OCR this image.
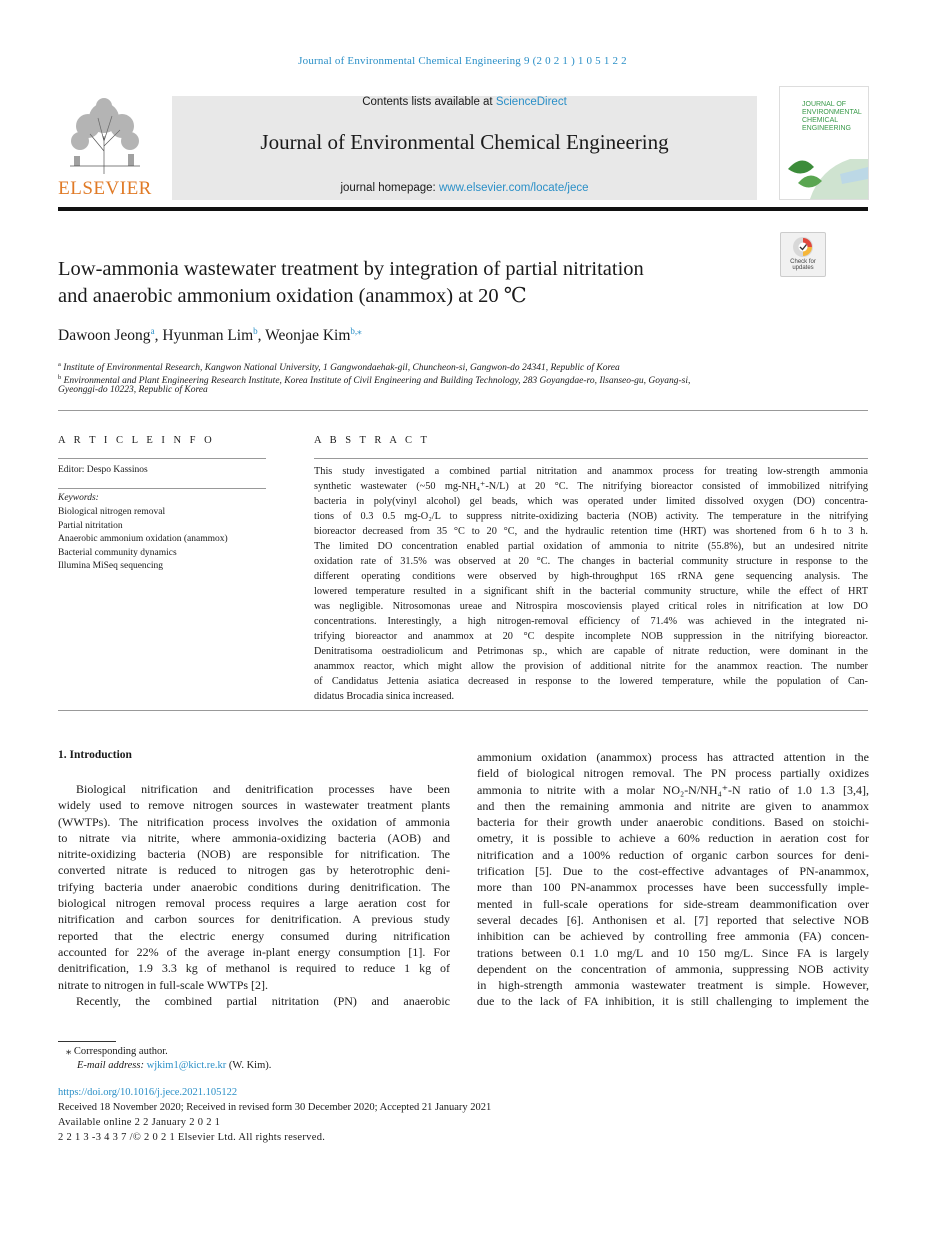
Journal of Environmental Chemical Engineering 9 (2 0 2 1 ) 1 0 5 1 2 2
ELSEVIER
Contents lists available at ScienceDirect
Journal of Environmental Chemical Engineering
journal homepage: www.elsevier.com/locate/jece
JOURNAL OF
ENVIRONMENTAL
CHEMICAL
ENGINEERING
Check for
updates
Low-ammonia wastewater treatment by integration of partial nitritation
and anaerobic ammonium oxidation (anammox) at 20 ℃
Dawoon Jeong$^a$, Hyunman Lim$^b$, Weonjae Kim$^{b,⁎}$
$^a$ Institute of Environmental Research, Kangwon National University, 1 Gangwondaehak-gil, Chuncheon-si, Gangwon-do 24341, Republic of Korea
$^b$ Environmental and Plant Engineering Research Institute, Korea Institute of Civil Engineering and Building Technology, 283 Goyangdae-ro, Ilsanseo-gu, Goyang-si,
Gyeonggi-do 10223, Republic of Korea
A R T I C L E I N F O
Editor: Despo Kassinos
Keywords:
Biological nitrogen removal
Partial nitritation
Anaerobic ammonium oxidation (anammox)
Bacterial community dynamics
Illumina MiSeq sequencing
A B S T R A C T
This study investigated a combined partial nitritation and anammox process for treating low-strength ammonia
synthetic wastewater (~50 mg-NH₄⁺-N/L) at 20 °C. The nitrifying bioreactor consisted of immobilized nitrifying
bacteria in poly(vinyl alcohol) gel beads, which was operated under limited dissolved oxygen (DO) concentra-
tions of 0.3 0.5 mg-O₂/L to suppress nitrite-oxidizing bacteria (NOB) activity. The temperature in the nitrifying
bioreactor decreased from 35 °C to 20 °C, and the hydraulic retention time (HRT) was shortened from 6 h to 3 h.
The limited DO concentration enabled partial oxidation of ammonia to nitrite (55.8%), but an undesired nitrite
oxidation rate of 31.5% was observed at 20 °C. The changes in bacterial community structure in response to the
different operating conditions were observed by high-throughput 16S rRNA gene sequencing analysis. The
lowered temperature resulted in a significant shift in the bacterial community structure, while the effect of HRT
was negligible. Nitrosomonas ureae and Nitrospira moscoviensis played critical roles in nitrification at low DO
concentrations. Interestingly, a high nitrogen-removal efficiency of 71.4% was achieved in the integrated ni-
trifying bioreactor and anammox at 20 °C despite incomplete NOB suppression in the nitrifying bioreactor.
Denitratisoma oestradiolicum and Petrimonas sp., which are capable of nitrate reduction, were dominant in the
anammox reactor, which might allow the provision of additional nitrite for the anammox reaction. The number
of Candidatus Jettenia asiatica decreased in response to the lowered temperature, while the population of Can-
didatus Brocadia sinica increased.
1. Introduction
Biological nitrification and denitrification processes have been
widely used to remove nitrogen sources in wastewater treatment plants
(WWTPs). The nitrification process involves the oxidation of ammonia
to nitrate via nitrite, where ammonia-oxidizing bacteria (AOB) and
nitrite-oxidizing bacteria (NOB) are responsible for nitrification. The
converted nitrate is reduced to nitrogen gas by heterotrophic deni-
trifying bacteria under anaerobic conditions during denitrification. The
biological nitrogen removal process requires a large aeration cost for
nitrification and carbon sources for denitrification. A previous study
reported that the electric energy consumed during nitrification
accounted for 22% of the average in-plant energy consumption [1]. For
denitrification, 1.9 3.3 kg of methanol is required to reduce 1 kg of
nitrate to nitrogen in full-scale WWTPs [2].
Recently, the combined partial nitritation (PN) and anaerobic
ammonium oxidation (anammox) process has attracted attention in the
field of biological nitrogen removal. The PN process partially oxidizes
ammonia to nitrite with a molar NO₂-N/NH₄⁺-N ratio of 1.0 1.3 [3,4],
and then the remaining ammonia and nitrite are given to anammox
bacteria for their growth under anaerobic conditions. Based on stoichi-
ometry, it is possible to achieve a 60% reduction in aeration cost for
nitrification and a 100% reduction of organic carbon sources for deni-
trification [5]. Due to the cost-effective advantages of PN-anammox,
more than 100 PN-anammox processes have been successfully imple-
mented in full-scale operations for side-stream deammonification over
several decades [6]. Anthonisen et al. [7] reported that selective NOB
inhibition can be achieved by controlling free ammonia (FA) concen-
trations between 0.1 1.0 mg/L and 10 150 mg/L. Since FA is largely
dependent on the concentration of ammonia, suppressing NOB activity
in high-strength ammonia wastewater treatment is simple. However,
due to the lack of FA inhibition, it is still challenging to implement the
⁎ Corresponding author.
E-mail address: wjkim1@kict.re.kr (W. Kim).
https://doi.org/10.1016/j.jece.2021.105122
Received 18 November 2020; Received in revised form 30 December 2020; Accepted 21 January 2021
Available online 2 2 January 2 0 2 1
2 2 1 3 -3 4 3 7 /© 2 0 2 1 Elsevier Ltd. All rights reserved.
